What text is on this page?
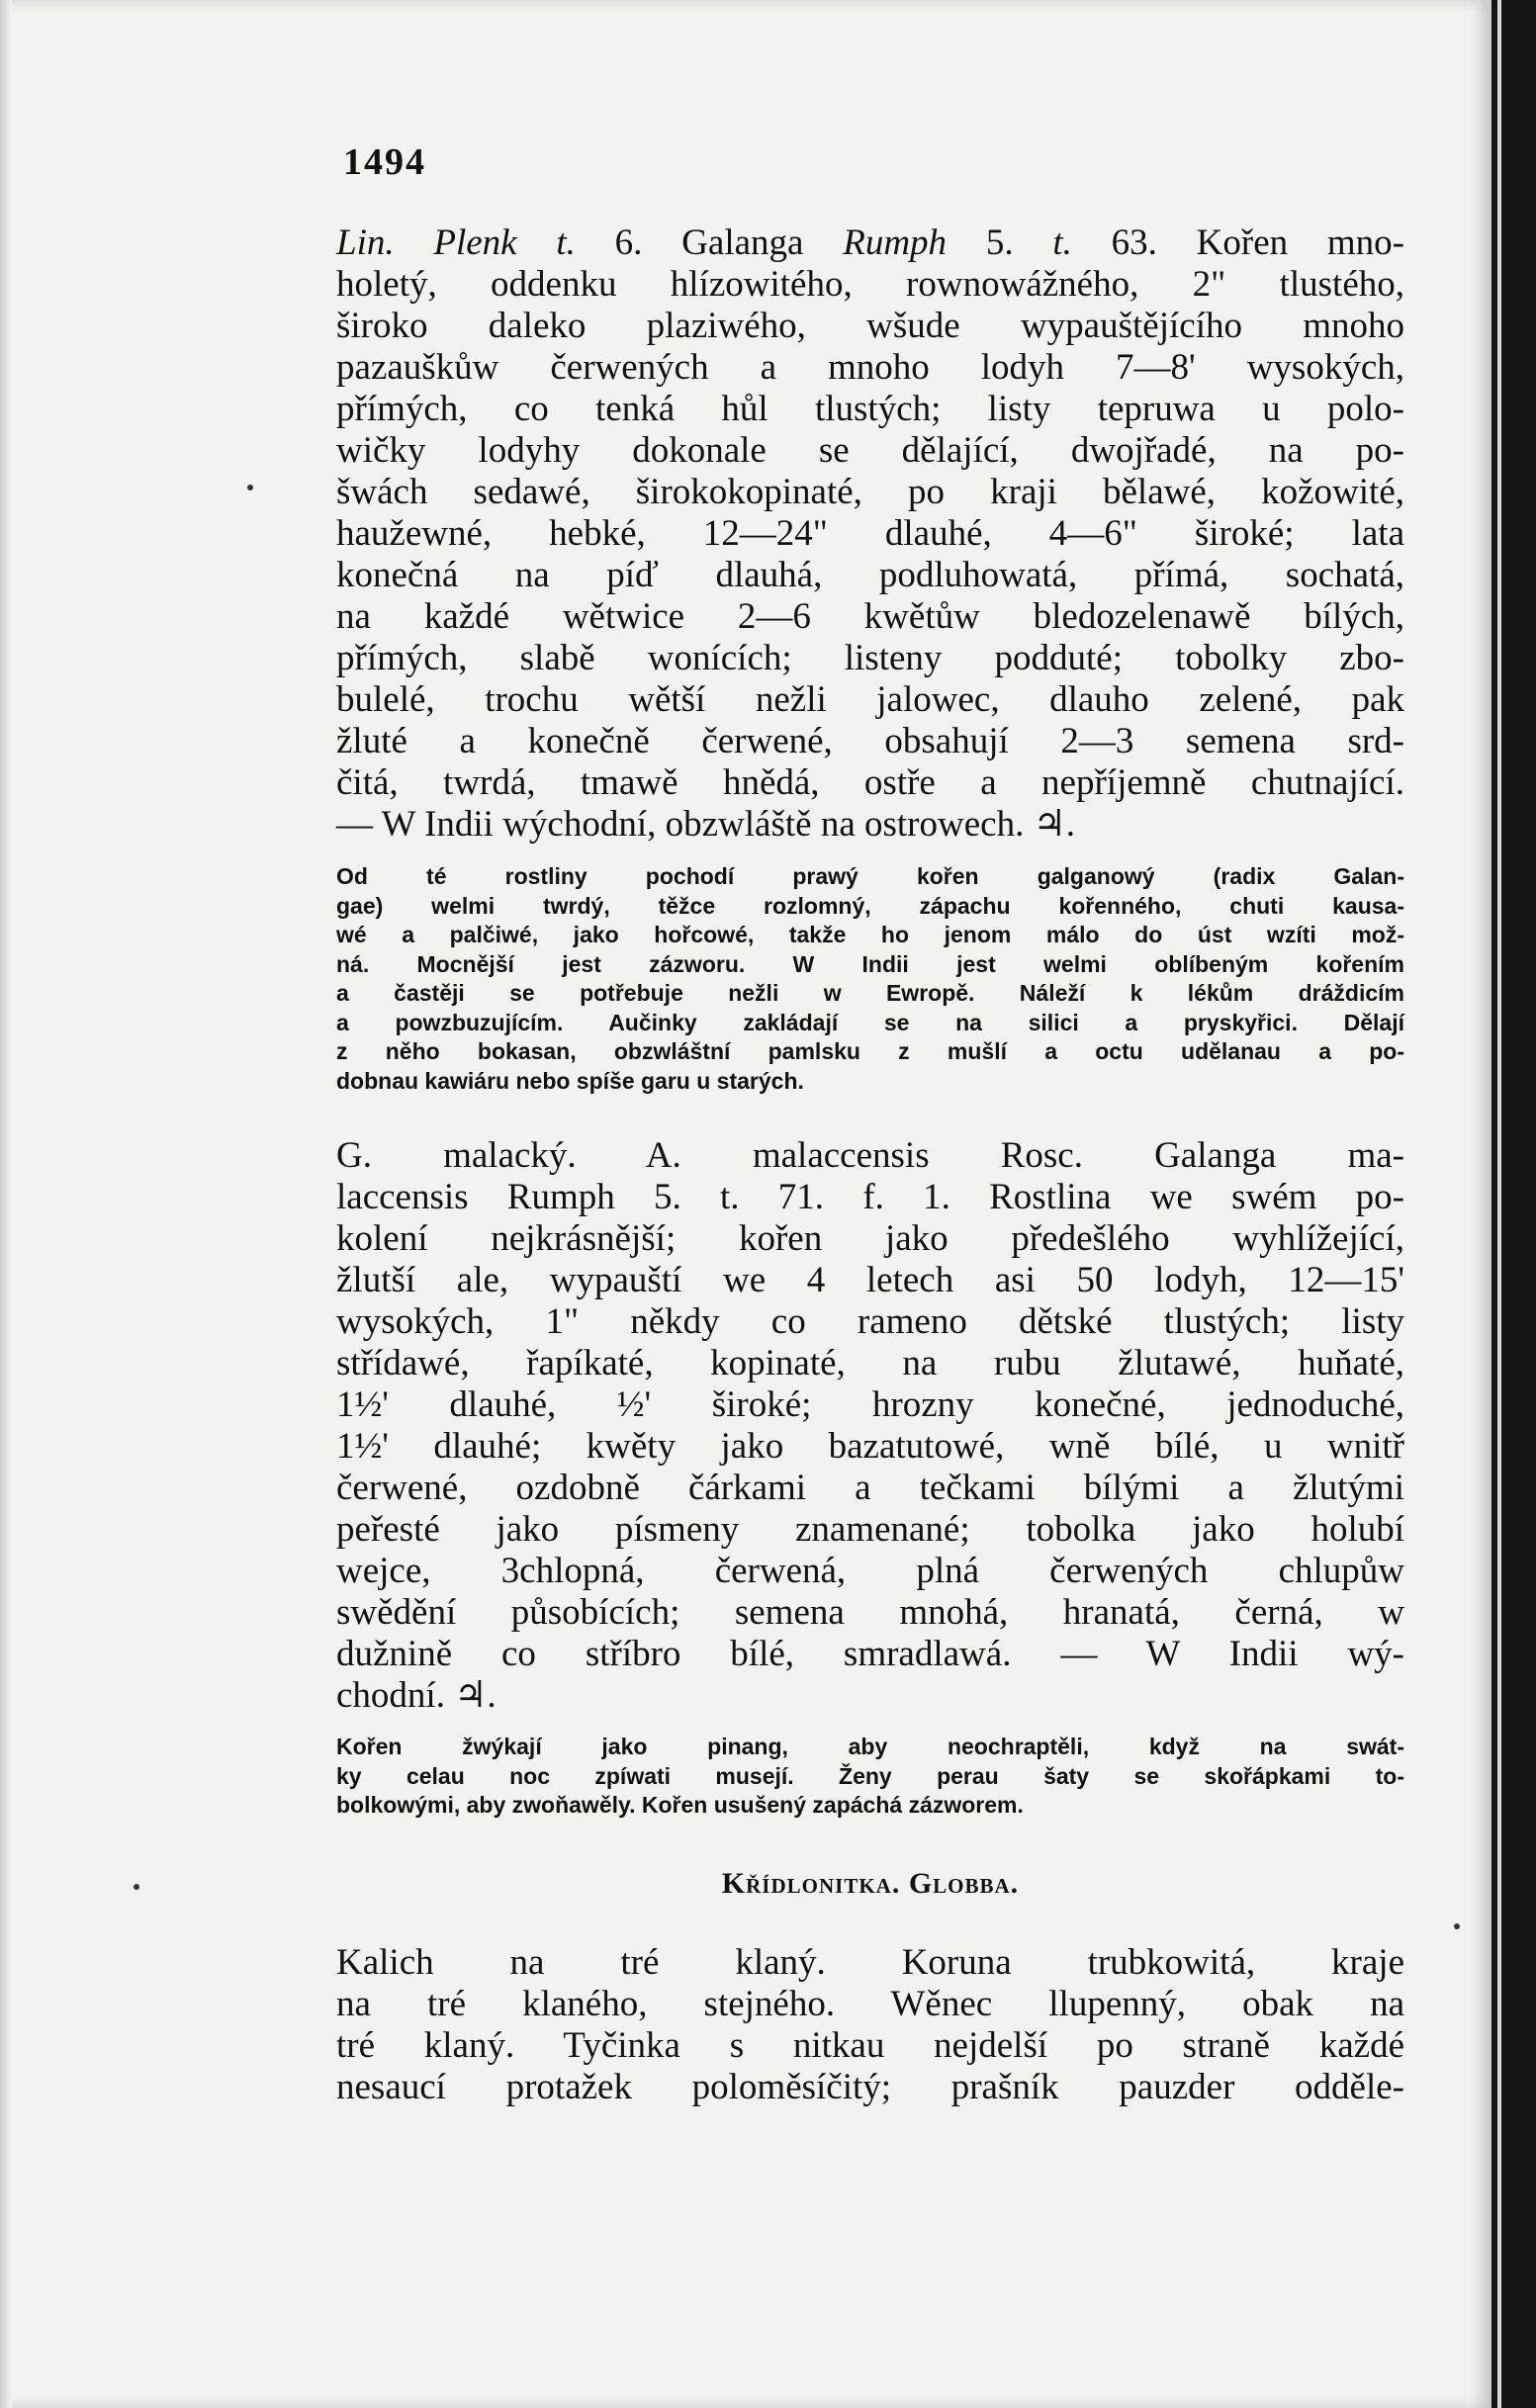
1494
Lin. Plenk t. 6. Galanga Rumph 5. t. 63. Kořen mno-
holetý, oddenku hlízowitého, rownowážného, 2" tlustého,
široko daleko plaziwého, wšude wypauštějícího mnoho
pazauškůw čerwených a mnoho lodyh 7—8' wysokých,
přímých, co tenká hůl tlustých; listy tepruwa u polo-
wičky lodyhy dokonale se dělající, dwojřadé, na po-
šwách sedawé, širokokopinaté, po kraji bělawé, kožowité,
haužewné, hebké, 12—24" dlauhé, 4—6" široké; lata
konečná na píď dlauhá, podluhowatá, přímá, sochatá,
na každé wětwice 2—6 kwětůw bledozelenawě bílých,
přímých, slabě wonících; listeny podduté; tobolky zbo-
bulelé, trochu wětší nežli jalowec, dlauho zelené, pak
žluté a konečně čerwené, obsahují 2—3 semena srd-
čitá, twrdá, tmawě hnědá, ostře a nepříjemně chutnající.
— W Indii wýchodní, obzwláště na ostrowech. ♃.
Od té rostliny pochodí prawý kořen galganowý (radix Galan-
gae) welmi twrdý, těžce rozlomný, zápachu kořenného, chuti kausa-
wé a palčiwé, jako hořcowé, takže ho jenom málo do úst wzíti mož-
ná. Mocnější jest zázworu. W Indii jest welmi oblíbeným kořením
a častěji se potřebuje nežli w Ewropě. Náleží k lékům dráždicím
a powzbuzujícím. Aučinky zakládají se na silici a pryskyřici. Dělají
z něho bokasan, obzwláštní pamlsku z mušlí a octu udělanau a po-
dobnau kawiáru nebo spíše garu u starých.
G. malacký. A. malaccensis Rosc. Galanga ma-
laccensis Rumph 5. t. 71. f. 1. Rostlina we swém po-
kolení nejkrásnější; kořen jako předešlého wyhlížející,
žlutší ale, wypauští we 4 letech asi 50 lodyh, 12—15'
wysokých, 1" někdy co rameno dětské tlustých; listy
střídawé, řapíkaté, kopinaté, na rubu žlutawé, huňaté,
1½' dlauhé, ½' široké; hrozny konečné, jednoduché,
1½' dlauhé; kwěty jako bazatutowé, wně bílé, u wnitř
čerwené, ozdobně čárkami a tečkami bílými a žlutými
peřesté jako písmeny znamenané; tobolka jako holubí
wejce, 3chlopná, čerwená, plná čerwených chlupůw
swědění působících; semena mnohá, hranatá, černá, w
dužnině co stříbro bílé, smradlawá. — W Indii wý-
chodní. ♃.
Kořen žwýkají jako pinang, aby neochraptěli, když na swát-
ky celau noc zpíwati musejí. Ženy perau šaty se skořápkami to-
bolkowými, aby zwoňawěly. Kořen usušený zapáchá zázworem.
Křídlonitka. Globba.
Kalich na tré klaný. Koruna trubkowitá, kraje
na tré klaného, stejného. Wěnec llupenný, obak na
tré klaný. Tyčinka s nitkau nejdelší po straně každé
nesaucí protažek poloměsíčitý; prašník pauzder odděle-
